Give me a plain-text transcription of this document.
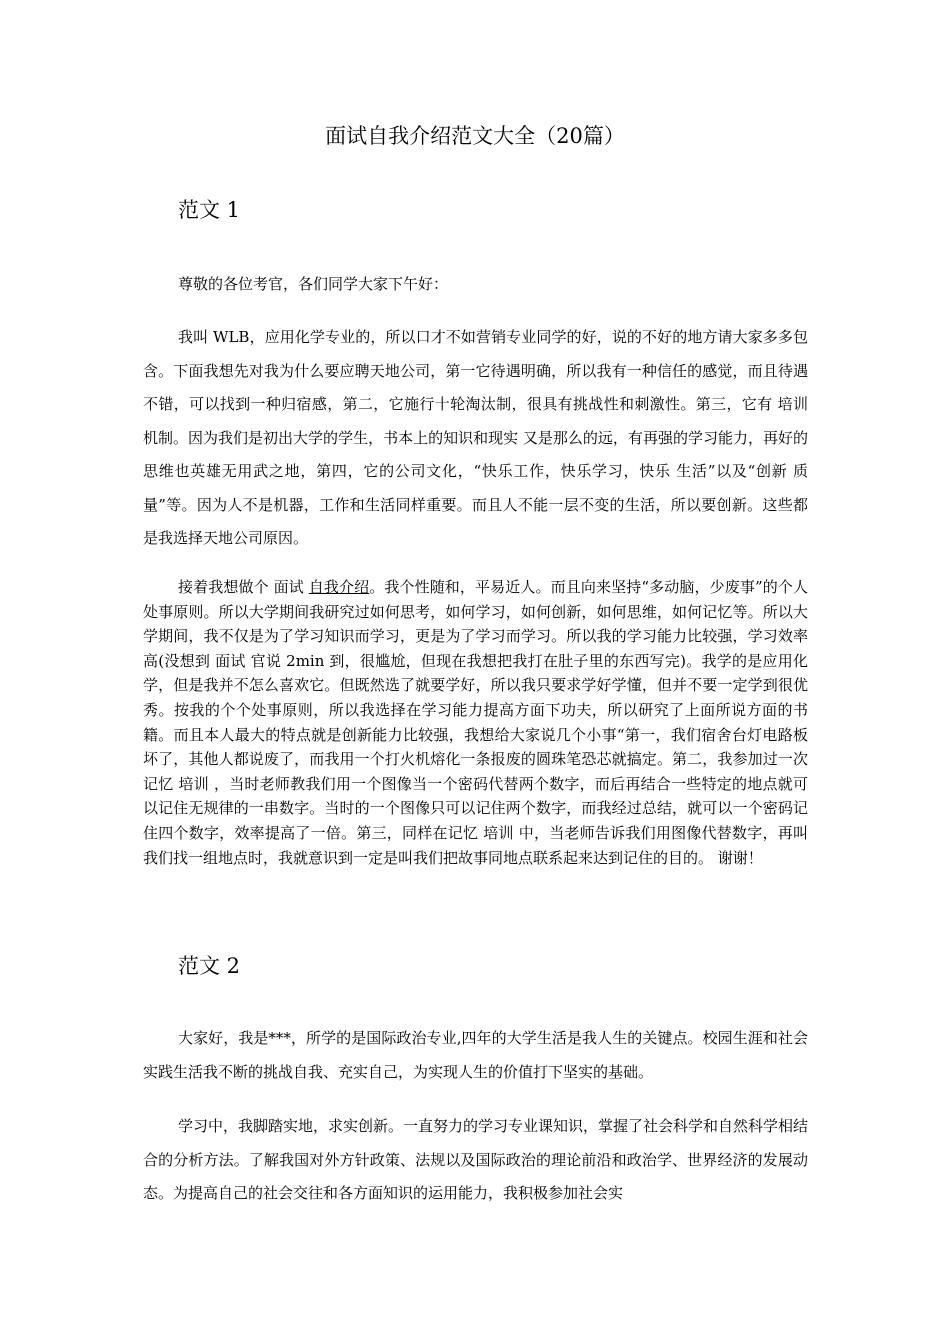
面试自我介绍范文大全（20篇）
范文 1

尊敬的各位考官，各们同学大家下午好：

我叫 WLB，应用化学专业的，所以口才不如营销专业同学的好，说的不好的地方请大家多多包含。下面我想先对我为什么要应聘天地公司，第一它待遇明确，所以我有一种信任的感觉，而且待遇不错，可以找到一种归宿感，第二，它施行十轮淘汰制，很具有挑战性和刺激性。第三，它有 培训 机制。因为我们是初出大学的学生，书本上的知识和现实 又是那么的远，有再强的学习能力，再好的思维也英雄无用武之地，第四，它的公司文化，“快乐工作，快乐学习，快乐 生活”以及“创新 质量”等。因为人不是机器，工作和生活同样重要。而且人不能一层不变的生活，所以要创新。这些都是我选择天地公司原因。

接着我想做个 面试 自我介绍。我个性随和，平易近人。而且向来坚持“多动脑，少废事”的个人处事原则。所以大学期间我研究过如何思考，如何学习，如何创新，如何思维，如何记忆等。所以大学期间，我不仅是为了学习知识而学习，更是为了学习而学习。所以我的学习能力比较强，学习效率高(没想到 面试 官说 2min 到，很尴尬，但现在我想把我打在肚子里的东西写完)。我学的是应用化学，但是我并不怎么喜欢它。但既然选了就要学好，所以我只要求学好学懂，但并不要一定学到很优秀。按我的个个处事原则，所以我选择在学习能力提高方面下功夫，所以研究了上面所说方面的书籍。而且本人最大的特点就是创新能力比较强，我想给大家说几个小事“第一，我们宿舍台灯电路板坏了，其他人都说废了，而我用一个打火机熔化一条报废的圆珠笔恐芯就搞定。第二，我参加过一次记忆 培训 ，当时老师教我们用一个图像当一个密码代替两个数字，而后再结合一些特定的地点就可以记住无规律的一串数字。当时的一个图像只可以记住两个数字，而我经过总结，就可以一个密码记住四个数字，效率提高了一倍。第三，同样在记忆 培训 中，当老师告诉我们用图像代替数字，再叫我们找一组地点时，我就意识到一定是叫我们把故事同地点联系起来达到记住的目的。 谢谢！

范文 2

大家好，我是***，所学的是国际政治专业,四年的大学生活是我人生的关键点。校园生涯和社会实践生活我不断的挑战自我、充实自己，为实现人生的价值打下坚实的基础。

学习中，我脚踏实地，求实创新。一直努力的学习专业课知识，掌握了社会科学和自然科学相结合的分析方法。了解我国对外方针政策、法规以及国际政治的理论前沿和政治学、世界经济的发展动态。为提高自己的社会交往和各方面知识的运用能力，我积极参加社会实
